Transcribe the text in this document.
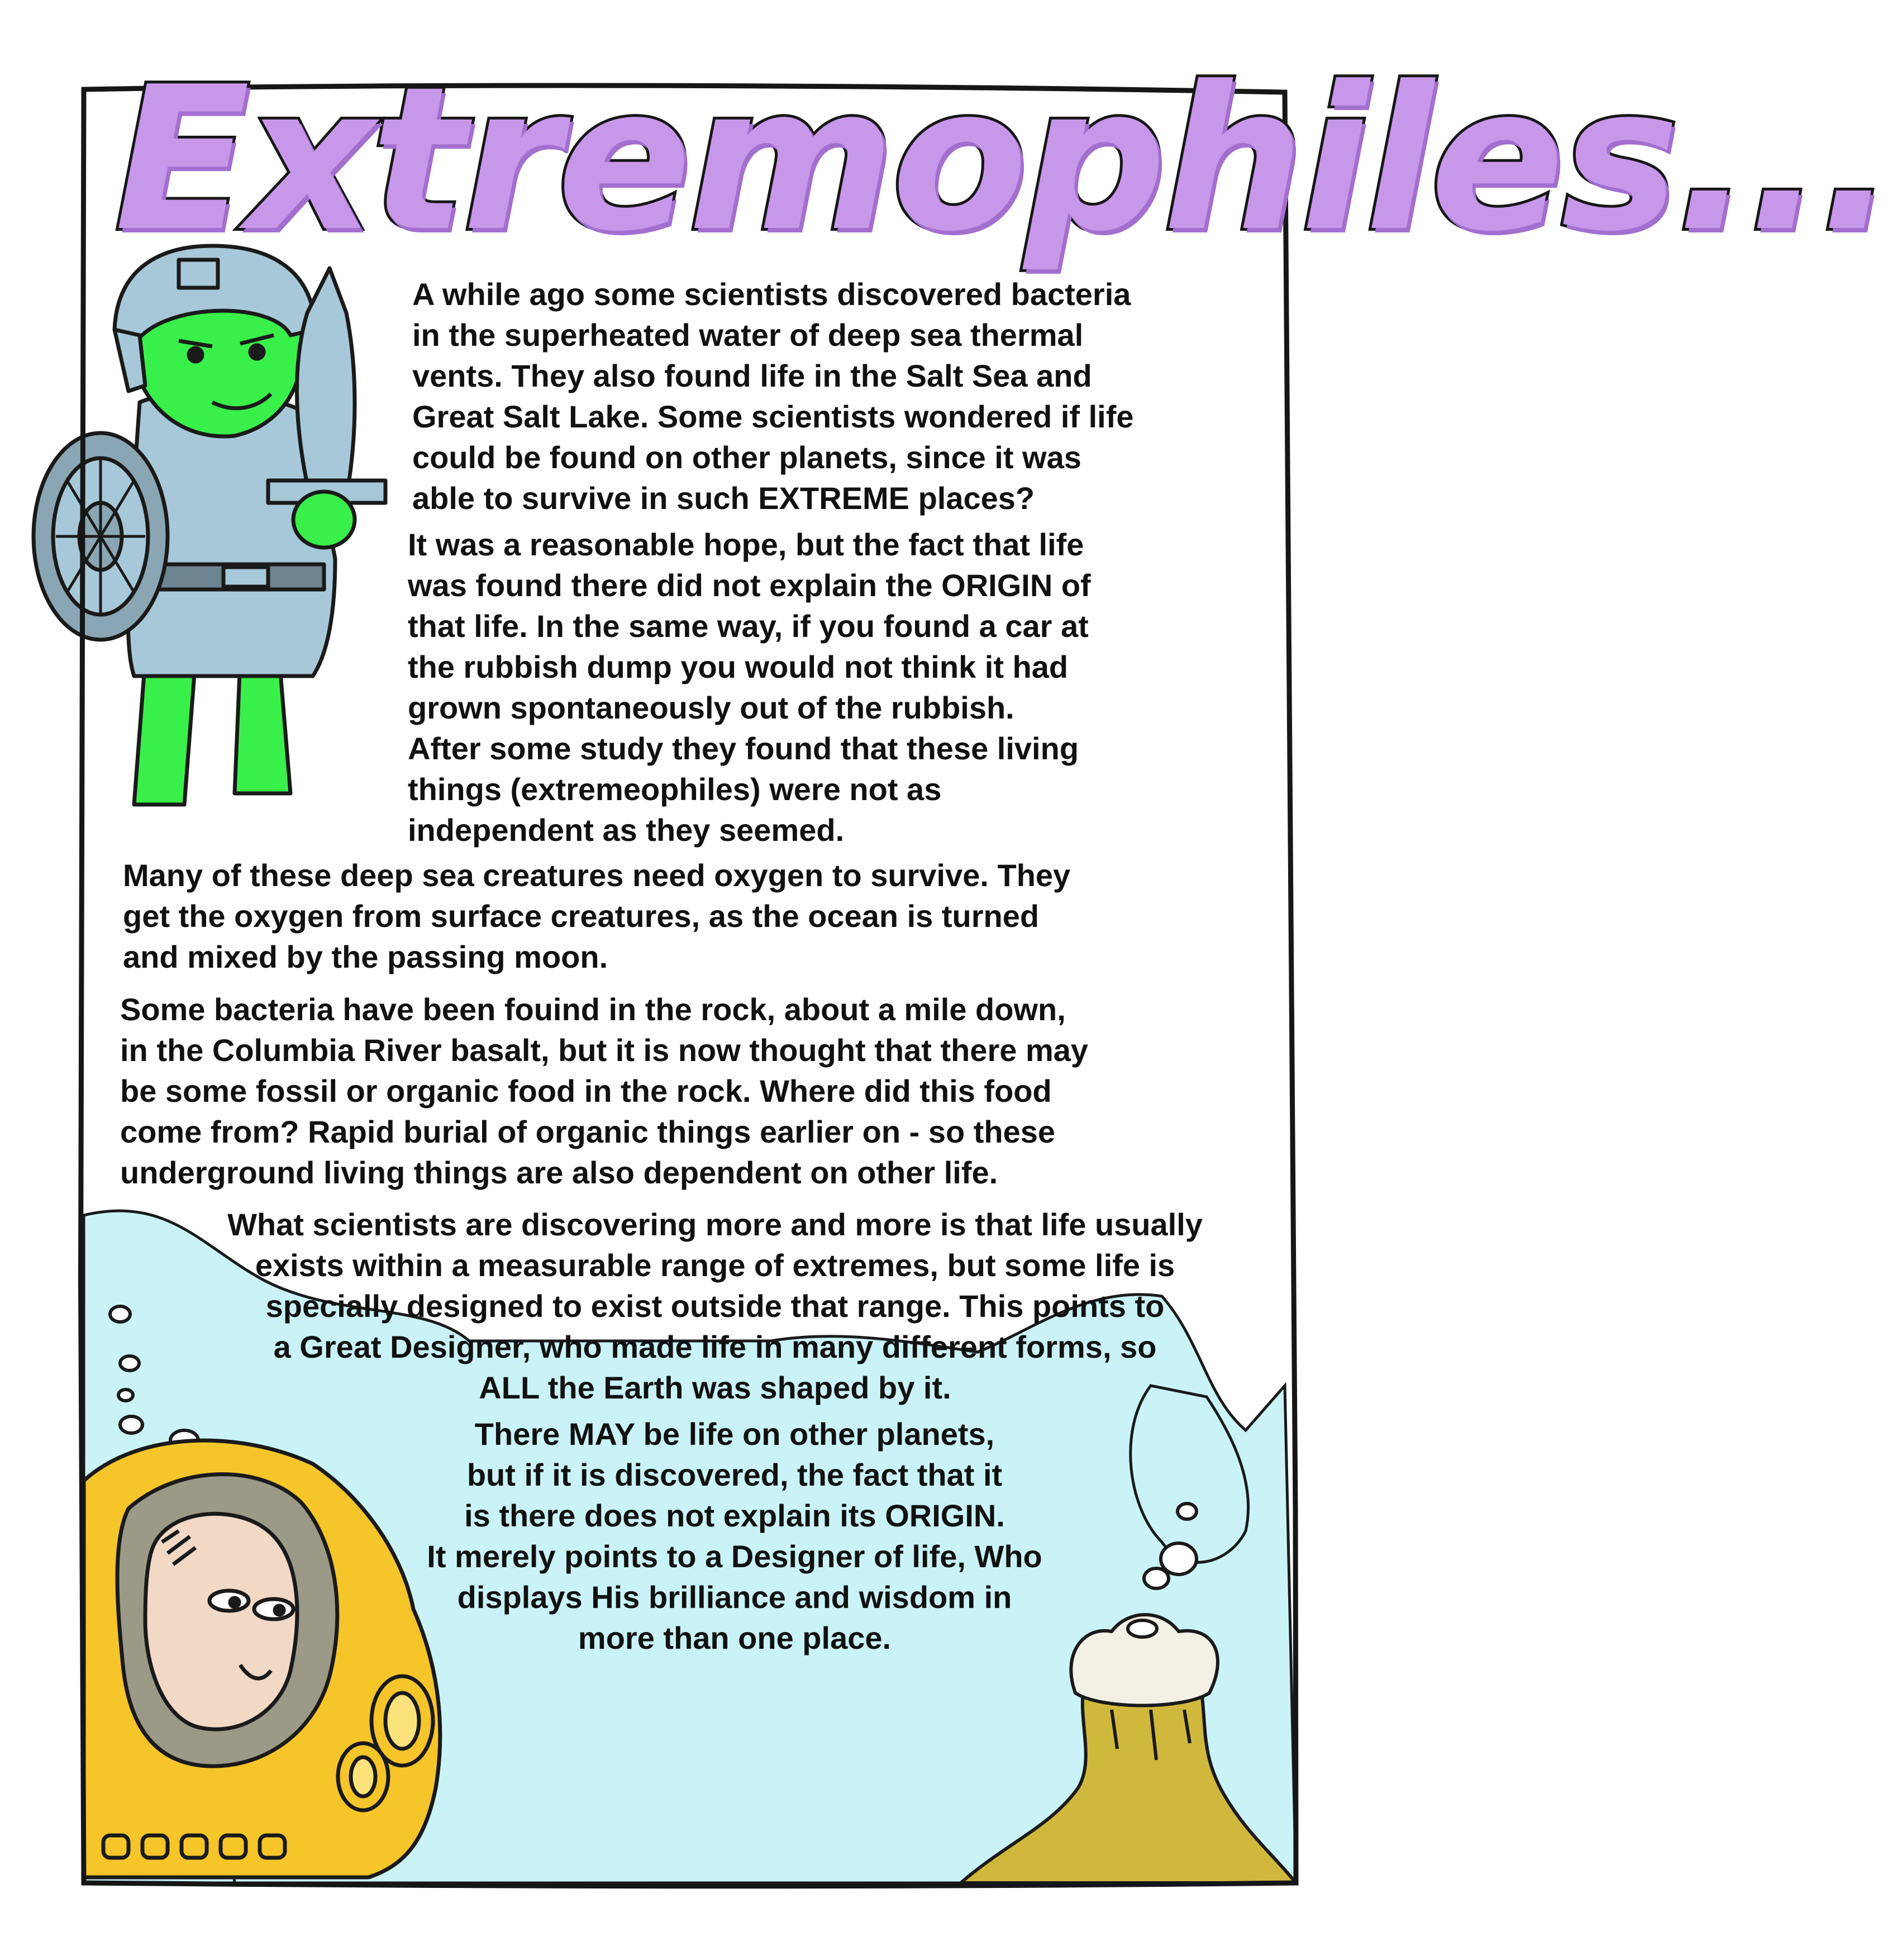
Extremophiles...

A while ago some scientists discovered bacteria
in the superheated water of deep sea thermal
vents. They also found life in the Salt Sea and
Great Salt Lake. Some scientists wondered if life
could be found on other planets, since it was
able to survive in such EXTREME places?

It was a reasonable hope, but the fact that life
was found there did not explain the ORIGIN of
that life. In the same way, if you found a car at
the rubbish dump you would not think it had
grown spontaneously out of the rubbish.
After some study they found that these living
things (extremeophiles) were not as
independent as they seemed.

Many of these deep sea creatures need oxygen to survive. They
get the oxygen from surface creatures, as the ocean is turned
and mixed by the passing moon.

Some bacteria have been fouind in the rock, about a mile down,
in the Columbia River basalt, but it is now thought that there may
be some fossil or organic food in the rock. Where did this food
come from? Rapid burial of organic things earlier on - so these
underground living things are also dependent on other life.

What scientists are discovering more and more is that life usually
exists within a measurable range of extremes, but some life is
specially designed to exist outside that range. This points to
a Great Designer, who made life in many different forms, so
ALL the Earth was shaped by it.

There MAY be life on other planets,
but if it is discovered, the fact that it
is there does not explain its ORIGIN.
It merely points to a Designer of life, Who
displays His brilliance and wisdom in
more than one place.
